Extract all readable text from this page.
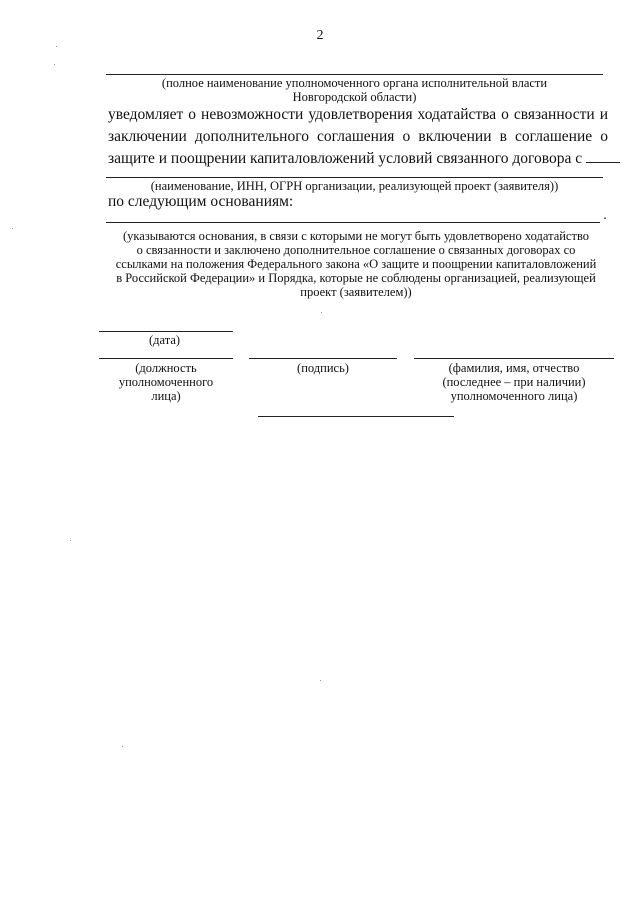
2
(полное наименование уполномоченного органа исполнительной власти
Новгородской области)
уведомляет о невозможности удовлетворения ходатайства о связанности и
заключении дополнительного соглашения о включении в соглашение о
защите и поощрении капиталовложений условий связанного договора с
(наименование, ИНН, ОГРН организации, реализующей проект (заявителя))
по следующим основаниям:
.
(указываются основания, в связи с которыми не могут быть удовлетворено ходатайство
о связанности и заключено дополнительное соглашение о связанных договорах со
ссылками на положения Федерального закона «О защите и поощрении капиталовложений
в Российской Федерации» и Порядка, которые не соблюдены организацией, реализующей
проект (заявителем))
(дата)
(должность
уполномоченного
лица)
(подпись)	(фамилия, имя, отчество
(последнее – при наличии)
уполномоченного лица)
